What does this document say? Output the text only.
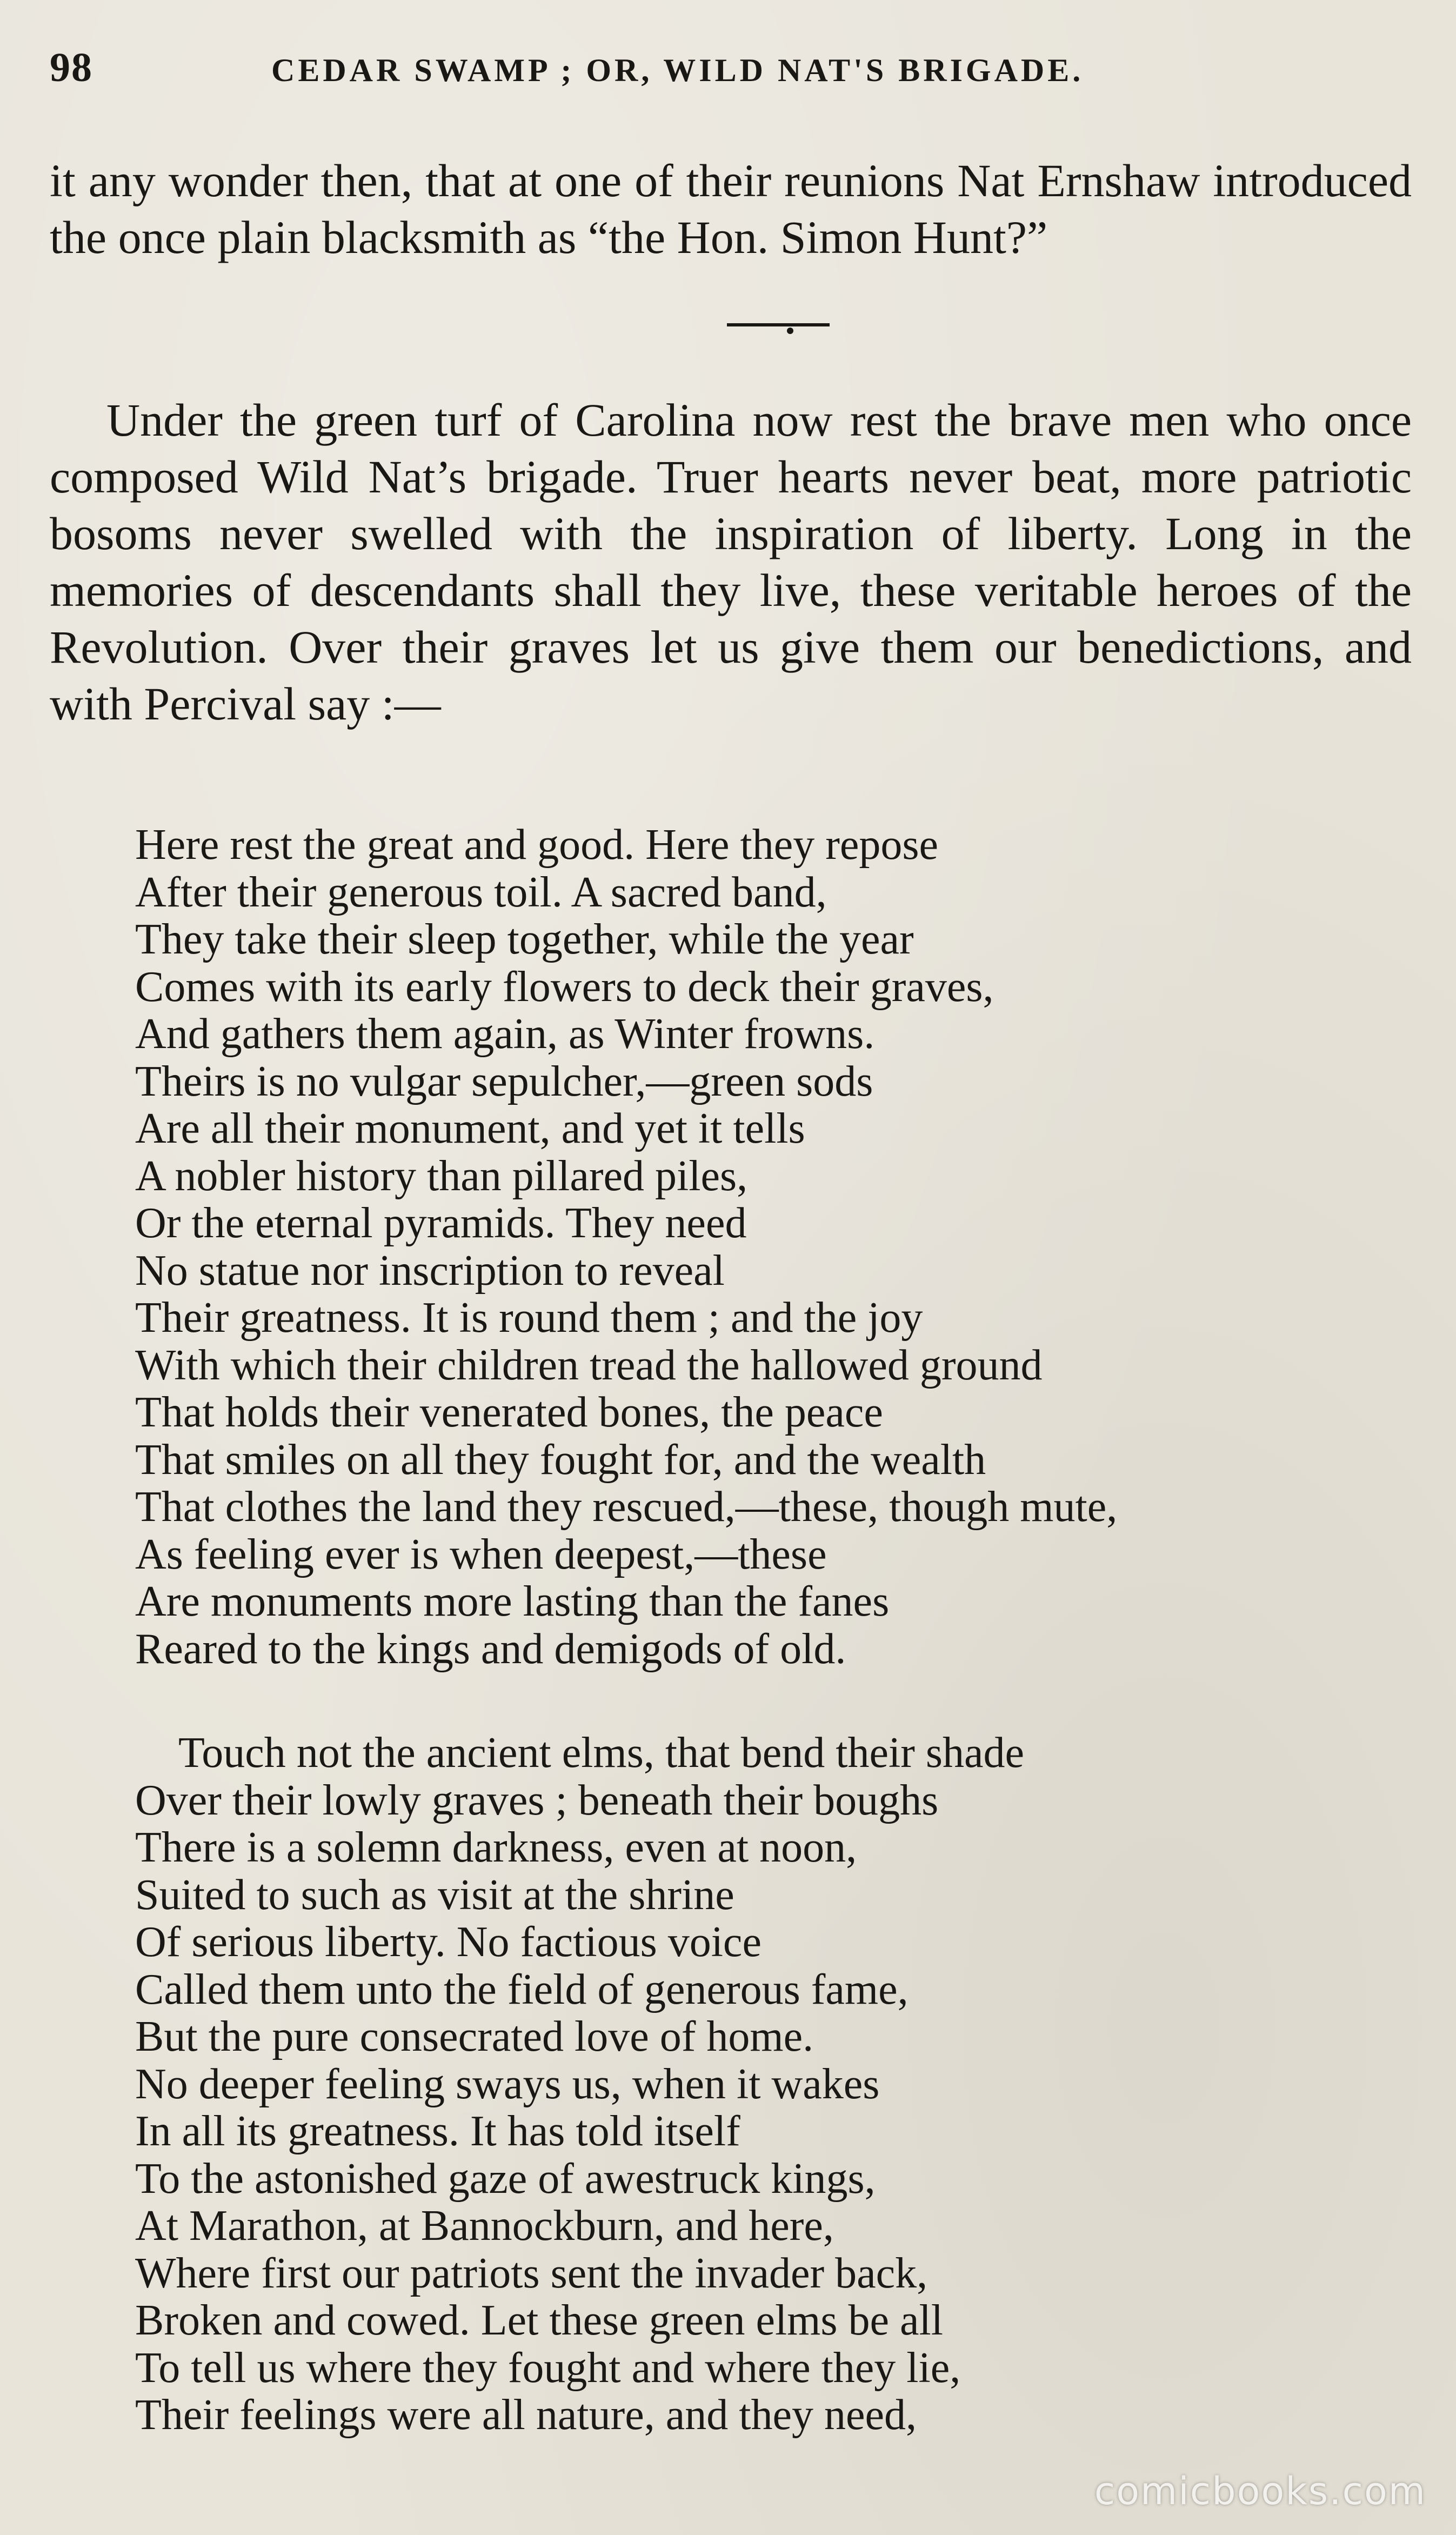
98	CEDAR SWAMP ; OR, WILD NAT'S BRIGADE.

it any wonder then, that at one of their reunions Nat Ernshaw introduced the once plain blacksmith as “the Hon. Simon Hunt?”

Under the green turf of Carolina now rest the brave men who once composed Wild Nat’s brigade. Truer hearts never beat, more patriotic bosoms never swelled with the inspiration of liberty. Long in the memories of descendants shall they live, these veritable heroes of the Revolution. Over their graves let us give them our benedictions, and with Percival say :—

Here rest the great and good. Here they repose
After their generous toil. A sacred band,
They take their sleep together, while the year
Comes with its early flowers to deck their graves,
And gathers them again, as Winter frowns.
Theirs is no vulgar sepulcher,—green sods
Are all their monument, and yet it tells
A nobler history than pillared piles,
Or the eternal pyramids. They need
No statue nor inscription to reveal
Their greatness. It is round them ; and the joy
With which their children tread the hallowed ground
That holds their venerated bones, the peace
That smiles on all they fought for, and the wealth
That clothes the land they rescued,—these, though mute,
As feeling ever is when deepest,—these
Are monuments more lasting than the fanes
Reared to the kings and demigods of old.
Touch not the ancient elms, that bend their shade
Over their lowly graves ; beneath their boughs
There is a solemn darkness, even at noon,
Suited to such as visit at the shrine
Of serious liberty. No factious voice
Called them unto the field of generous fame,
But the pure consecrated love of home.
No deeper feeling sways us, when it wakes
In all its greatness. It has told itself
To the astonished gaze of awestruck kings,
At Marathon, at Bannockburn, and here,
Where first our patriots sent the invader back,
Broken and cowed. Let these green elms be all
To tell us where they fought and where they lie,
Their feelings were all nature, and they need,
comicbooks.com
